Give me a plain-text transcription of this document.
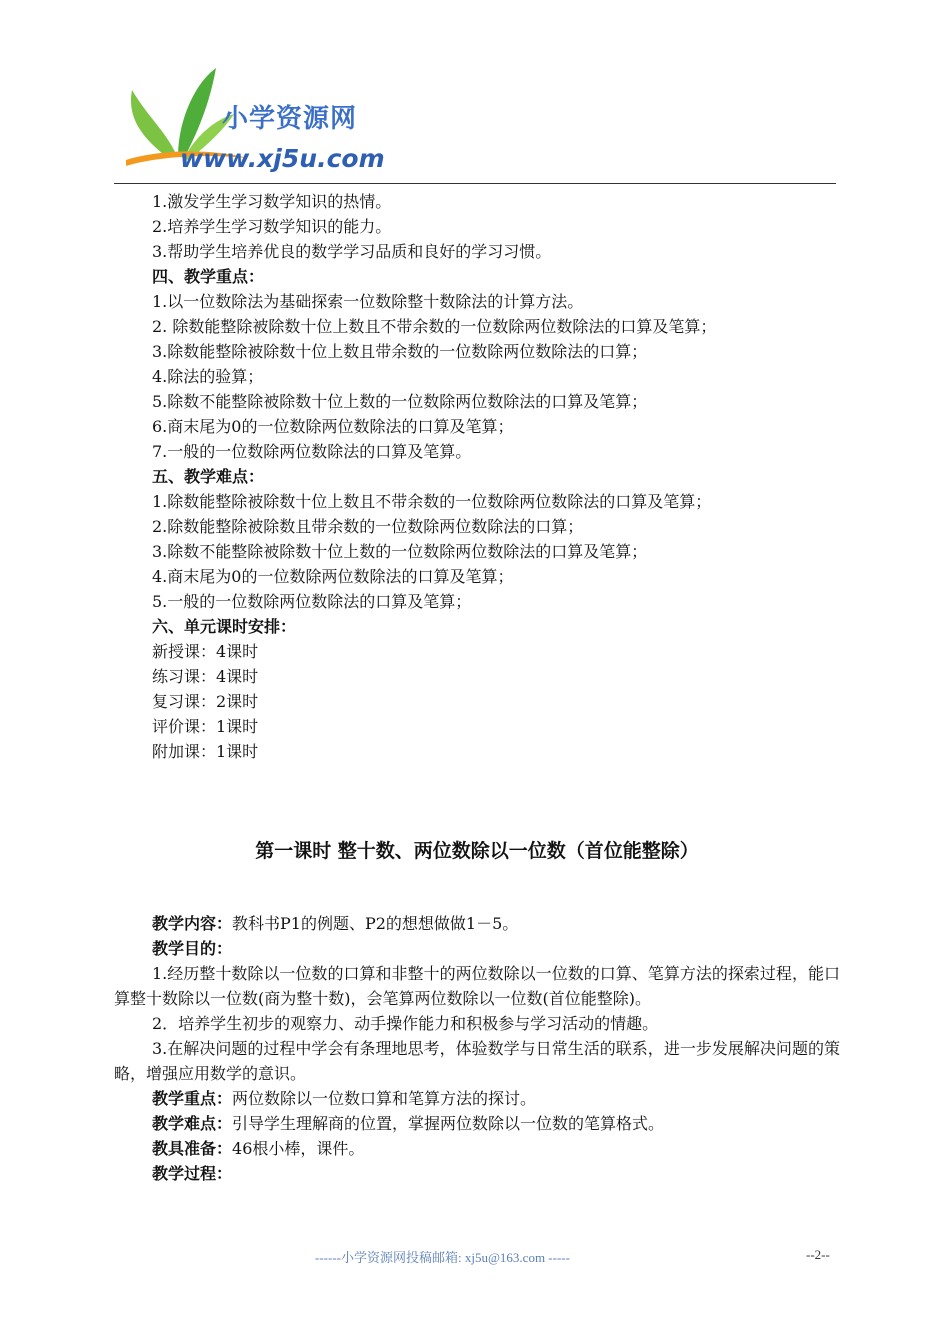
小学资源网
www.xj5u.com
1.激发学生学习数学知识的热情。
2.培养学生学习数学知识的能力。
3.帮助学生培养优良的数学学习品质和良好的学习习惯。
四、教学重点：
1.以一位数除法为基础探索一位数除整十数除法的计算方法。
2. 除数能整除被除数十位上数且不带余数的一位数除两位数除法的口算及笔算；
3.除数能整除被除数十位上数且带余数的一位数除两位数除法的口算；
4.除法的验算；
5.除数不能整除被除数十位上数的一位数除两位数除法的口算及笔算；
6.商末尾为0的一位数除两位数除法的口算及笔算；
7.一般的一位数除两位数除法的口算及笔算。
五、教学难点：
1.除数能整除被除数十位上数且不带余数的一位数除两位数除法的口算及笔算；
2.除数能整除被除数且带余数的一位数除两位数除法的口算；
3.除数不能整除被除数十位上数的一位数除两位数除法的口算及笔算；
4.商末尾为0的一位数除两位数除法的口算及笔算；
5.一般的一位数除两位数除法的口算及笔算；
六、单元课时安排：
新授课：4课时
练习课：4课时
复习课：2课时
评价课：1课时
附加课：1课时
第一课时 整十数、两位数除以一位数（首位能整除）
教学内容：教科书P1的例题、P2的想想做做1－5。
教学目的：
1.经历整十数除以一位数的口算和非整十的两位数除以一位数的口算、笔算方法的探索过程，能口算整十数除以一位数(商为整十数)，会笔算两位数除以一位数(首位能整除)。
2．培养学生初步的观察力、动手操作能力和积极参与学习活动的情趣。
3.在解决问题的过程中学会有条理地思考，体验数学与日常生活的联系，进一步发展解决问题的策略，增强应用数学的意识。
教学重点：两位数除以一位数口算和笔算方法的探讨。
教学难点：引导学生理解商的位置，掌握两位数除以一位数的笔算格式。
教具准备：46根小棒，课件。
教学过程：
------小学资源网投稿邮箱: xj5u@163.com -----	--2--
